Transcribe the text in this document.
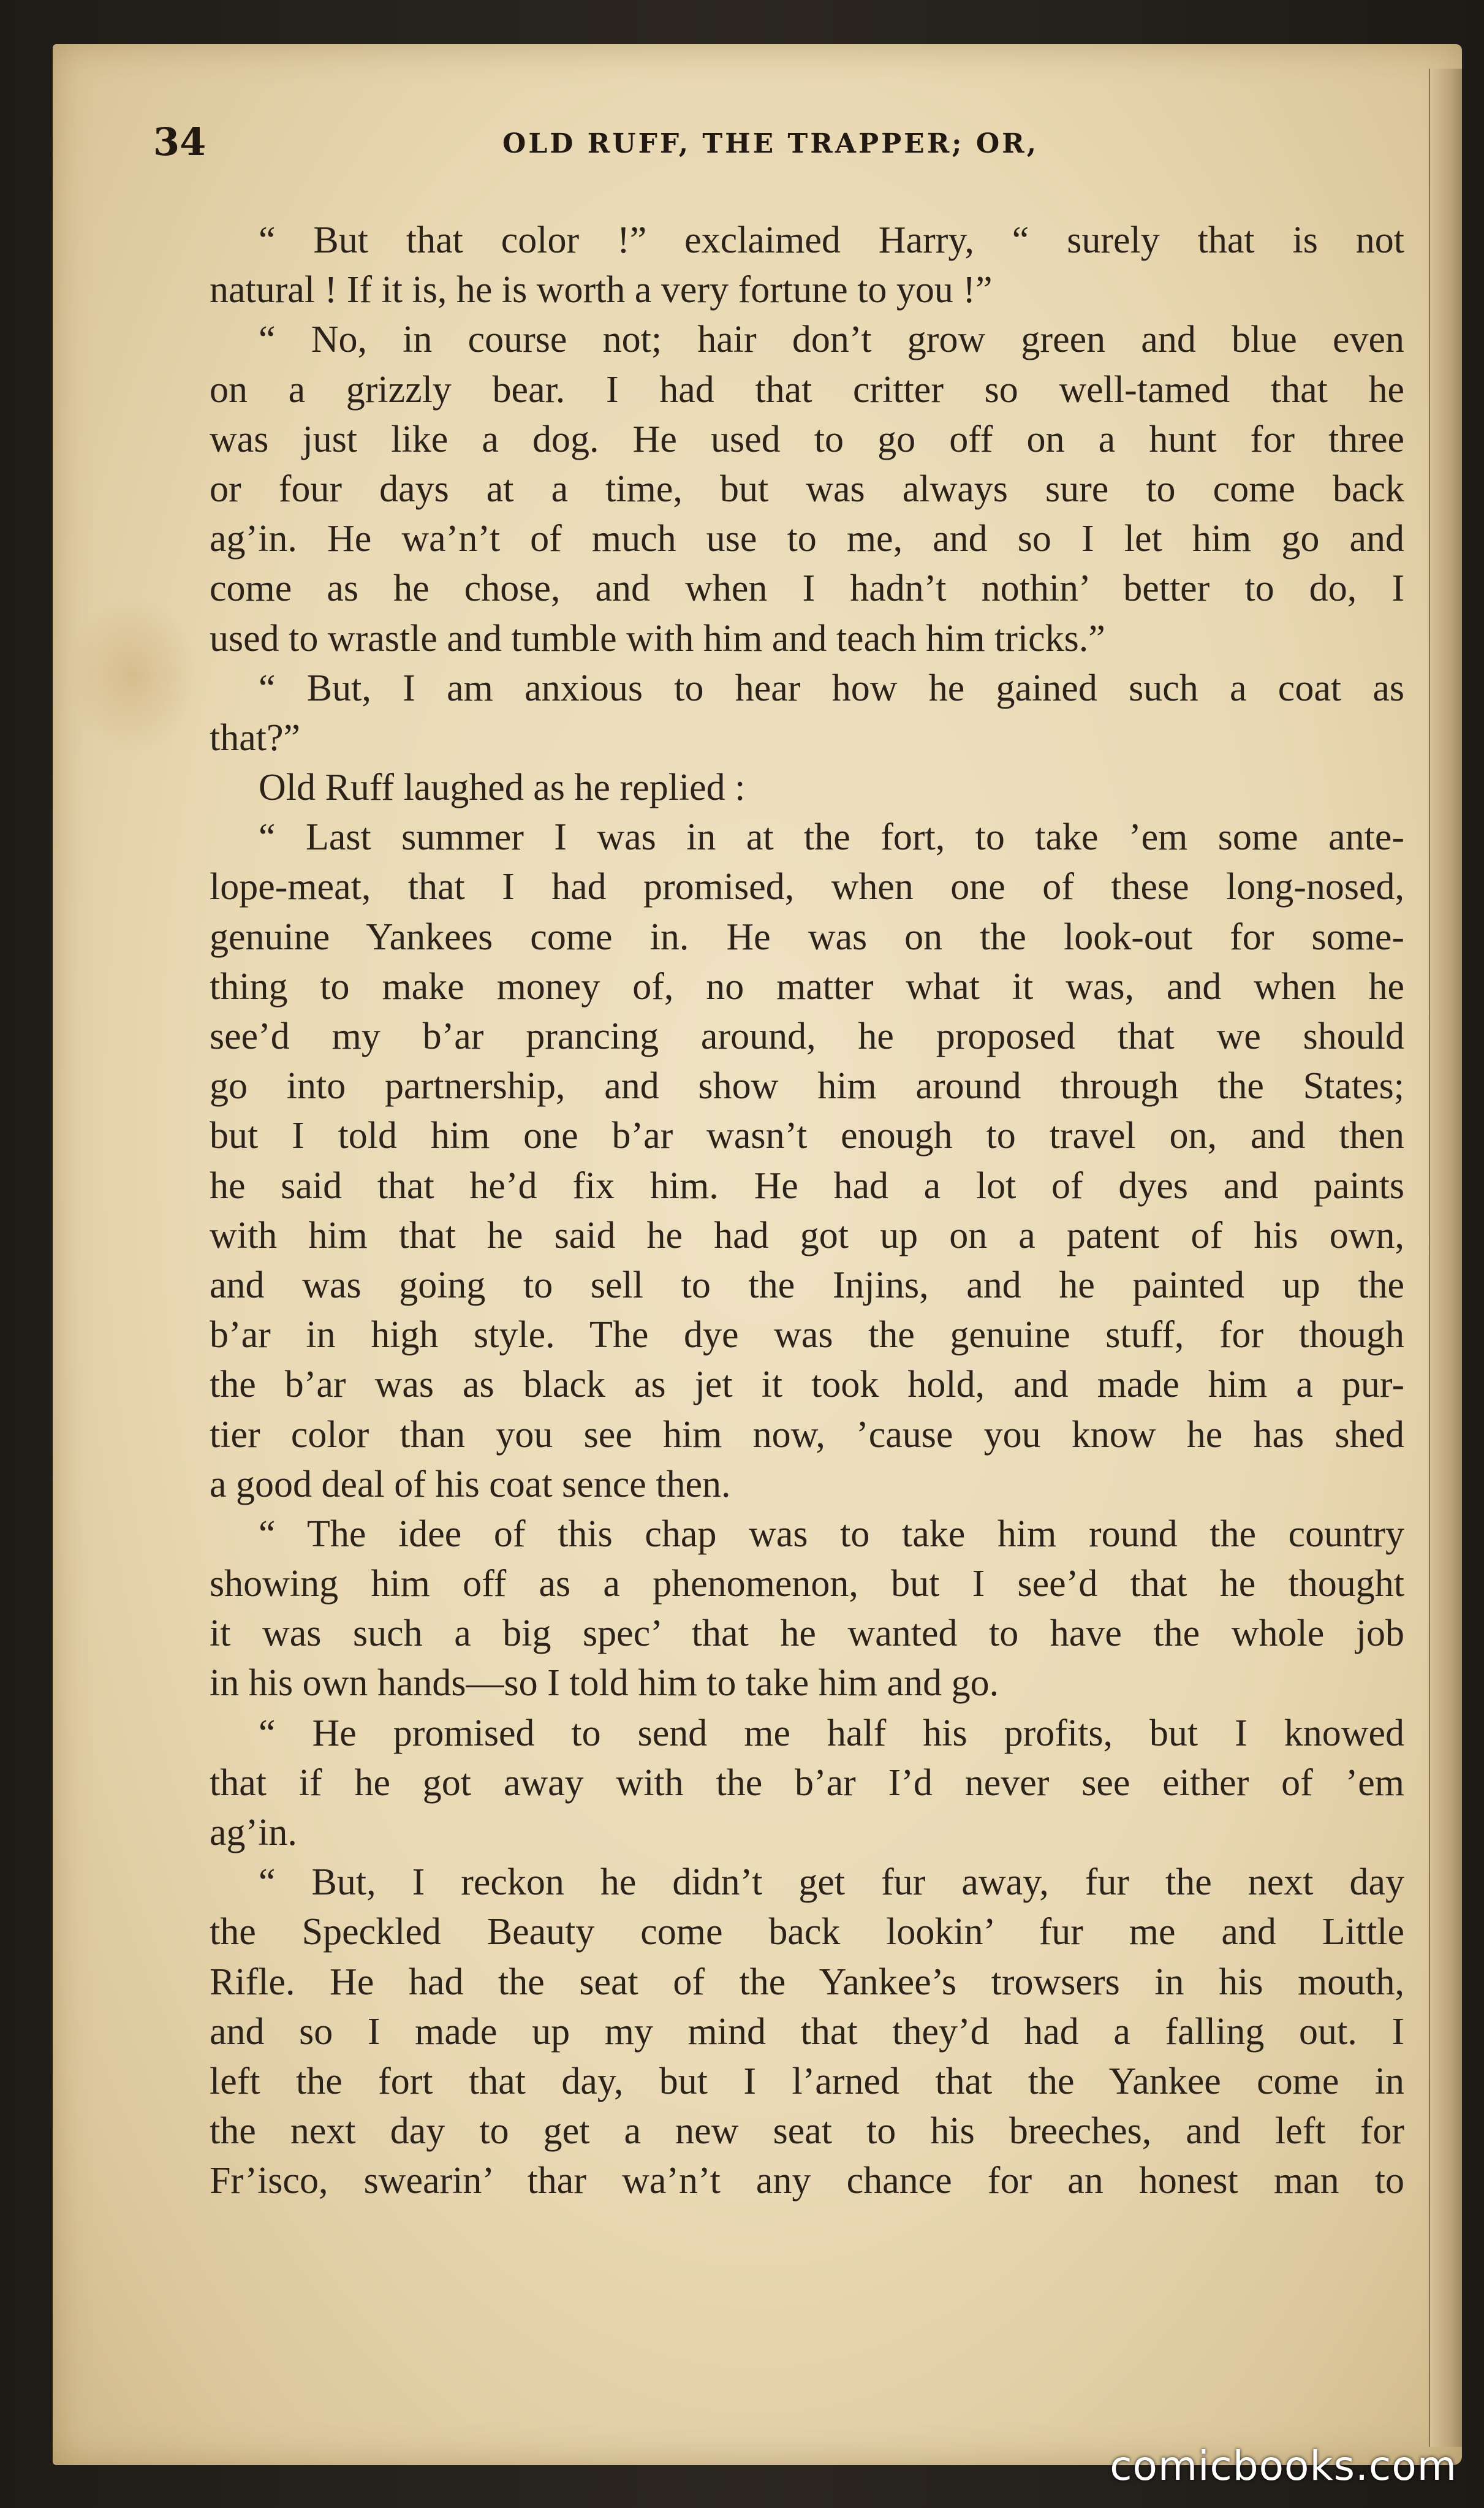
34	OLD RUFF, THE TRAPPER; OR,
“ But that color !” exclaimed Harry, “ surely that is not
natural ! If it is, he is worth a very fortune to you !”
“ No, in course not; hair don’t grow green and blue even
on a grizzly bear. I had that critter so well-tamed that he
was just like a dog. He used to go off on a hunt for three
or four days at a time, but was always sure to come back
ag’in. He wa’n’t of much use to me, and so I let him go and
come as he chose, and when I hadn’t nothin’ better to do, I
used to wrastle and tumble with him and teach him tricks.”
“ But, I am anxious to hear how he gained such a coat as
that?”
Old Ruff laughed as he replied :
“ Last summer I was in at the fort, to take ’em some ante-
lope-meat, that I had promised, when one of these long-nosed,
genuine Yankees come in. He was on the look-out for some-
thing to make money of, no matter what it was, and when he
see’d my b’ar prancing around, he proposed that we should
go into partnership, and show him around through the States;
but I told him one b’ar wasn’t enough to travel on, and then
he said that he’d fix him. He had a lot of dyes and paints
with him that he said he had got up on a patent of his own,
and was going to sell to the Injins, and he painted up the
b’ar in high style. The dye was the genuine stuff, for though
the b’ar was as black as jet it took hold, and made him a pur-
tier color than you see him now, ’cause you know he has shed
a good deal of his coat sence then.
“ The idee of this chap was to take him round the country
showing him off as a phenomenon, but I see’d that he thought
it was such a big spec’ that he wanted to have the whole job
in his own hands—so I told him to take him and go.
“ He promised to send me half his profits, but I knowed
that if he got away with the b’ar I’d never see either of ’em
ag’in.
“ But, I reckon he didn’t get fur away, fur the next day
the Speckled Beauty come back lookin’ fur me and Little
Rifle. He had the seat of the Yankee’s trowsers in his mouth,
and so I made up my mind that they’d had a falling out. I
left the fort that day, but I l’arned that the Yankee come in
the next day to get a new seat to his breeches, and left for
Fr’isco, swearin’ thar wa’n’t any chance for an honest man to
comicbooks.com
